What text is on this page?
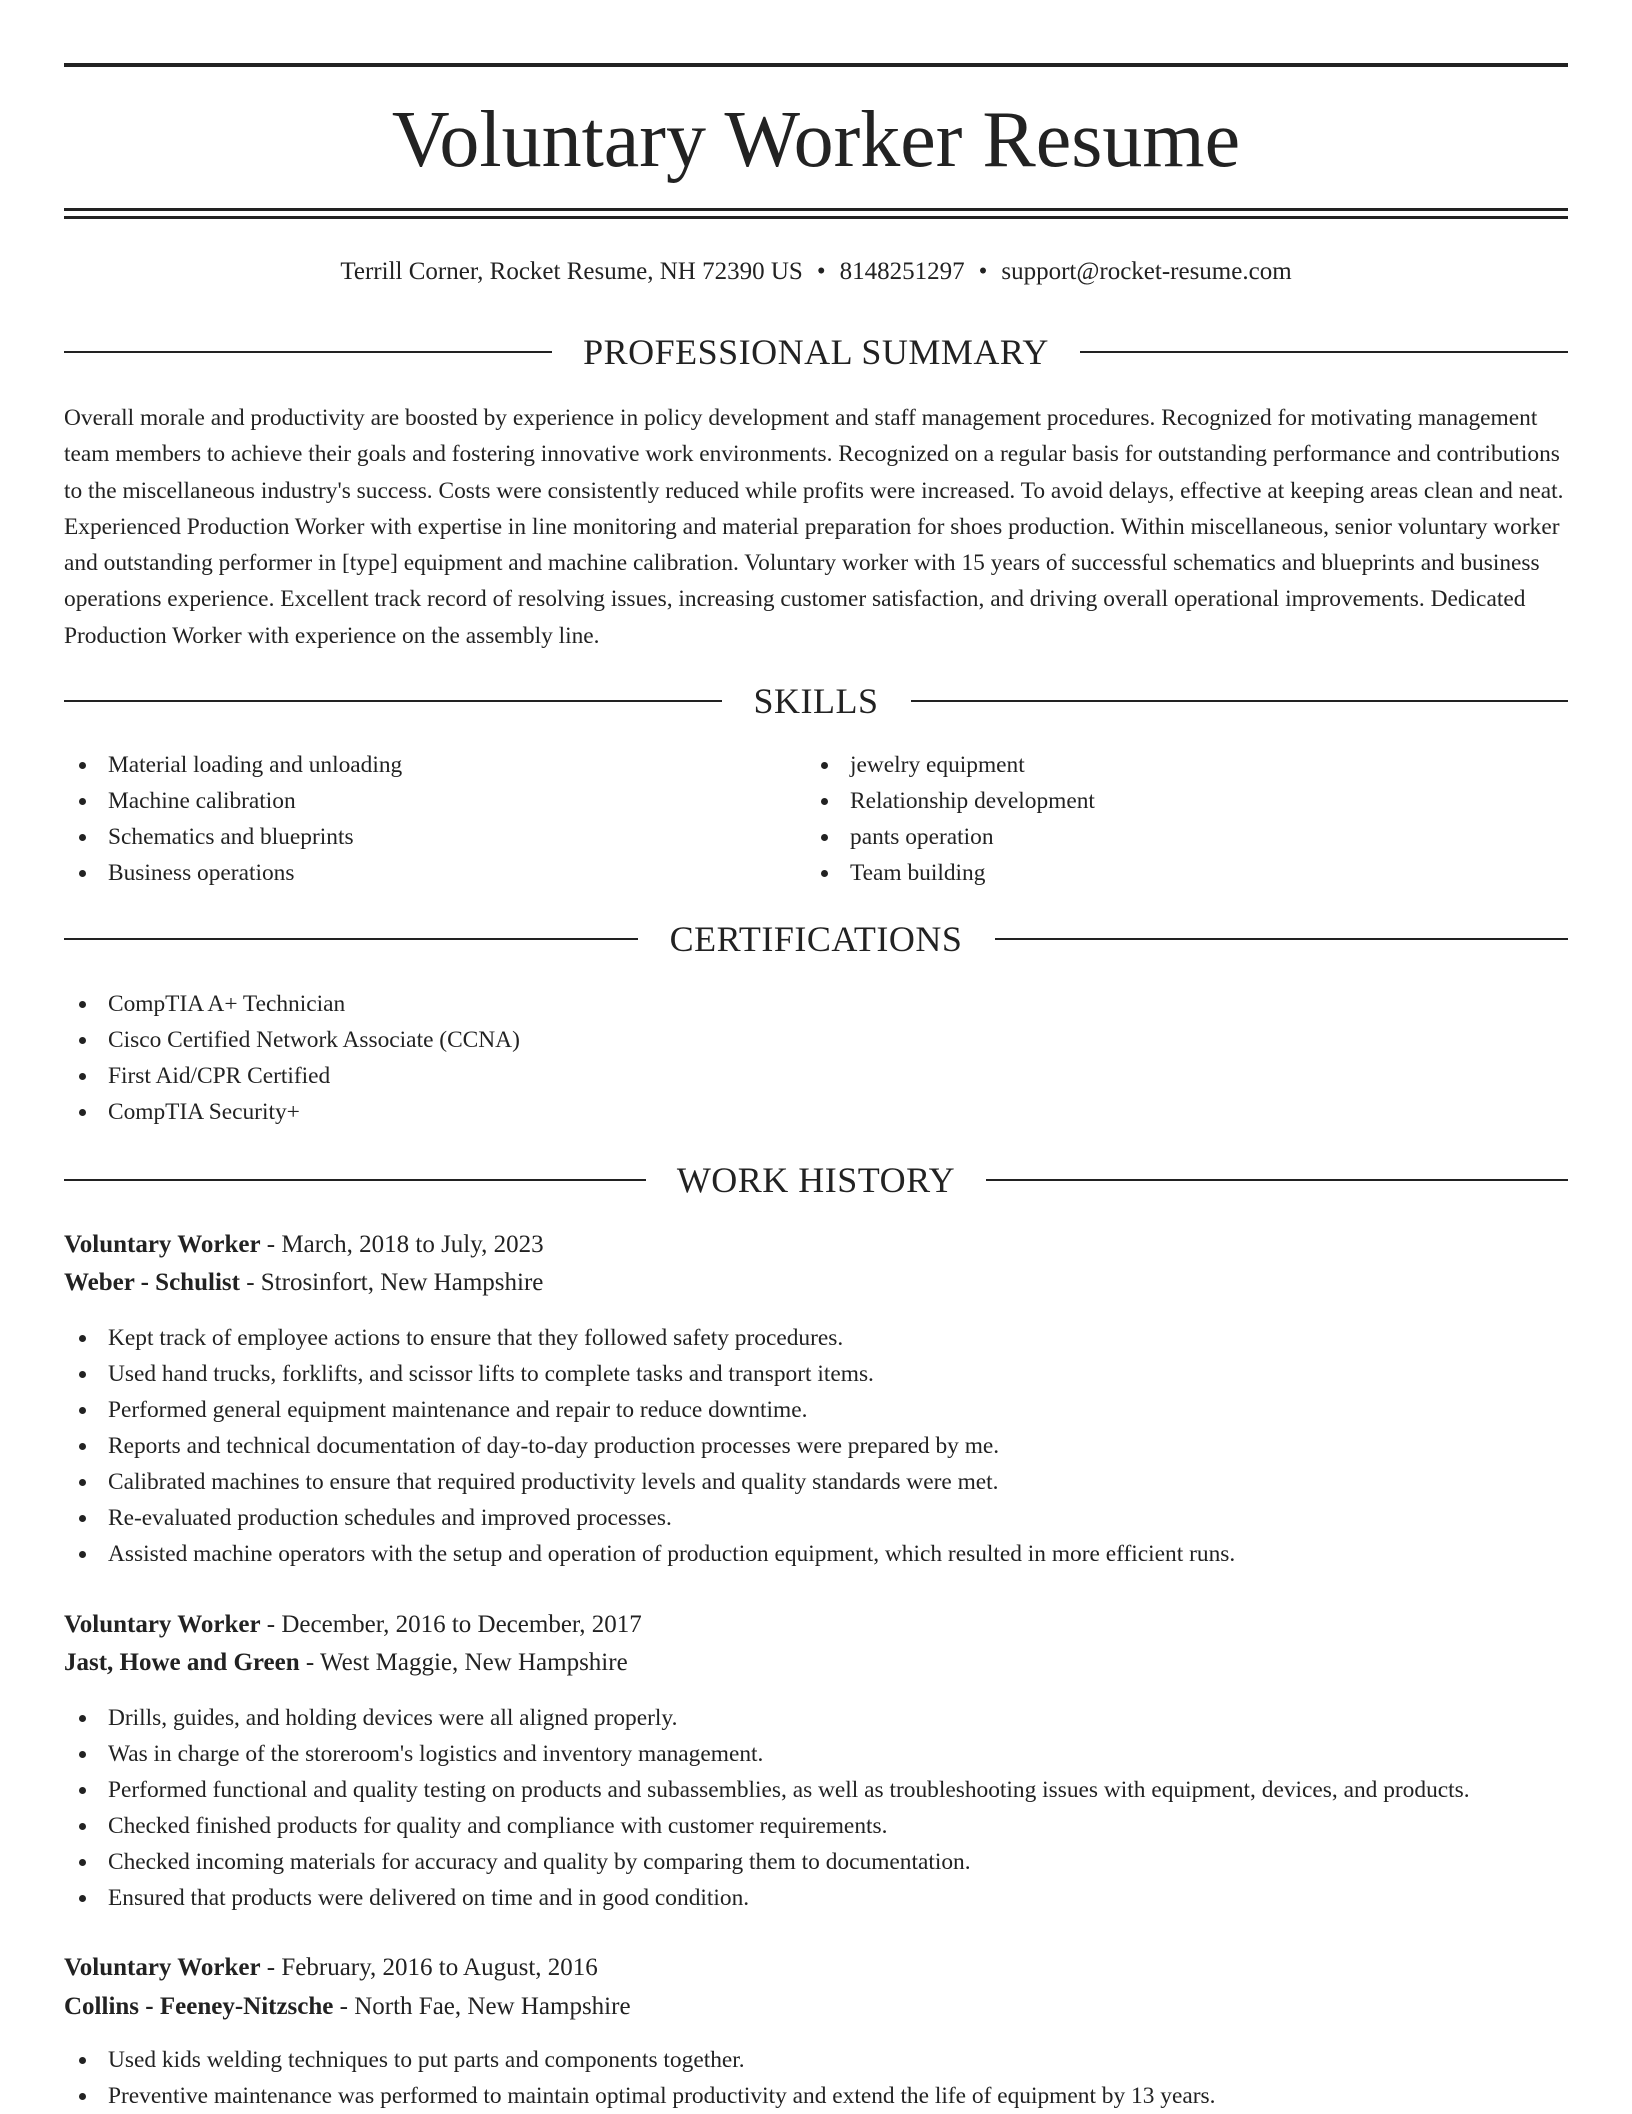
Voluntary Worker Resume
Terrill Corner, Rocket Resume, NH 72390 US • 8148251297 • support@rocket-resume.com
PROFESSIONAL SUMMARY

Overall morale and productivity are boosted by experience in policy development and staff management procedures. Recognized for motivating management team members to achieve their goals and fostering innovative work environments. Recognized on a regular basis for outstanding performance and contributions to the miscellaneous industry's success. Costs were consistently reduced while profits were increased. To avoid delays, effective at keeping areas clean and neat. Experienced Production Worker with expertise in line monitoring and material preparation for shoes production. Within miscellaneous, senior voluntary worker and outstanding performer in [type] equipment and machine calibration. Voluntary worker with 15 years of successful schematics and blueprints and business operations experience. Excellent track record of resolving issues, increasing customer satisfaction, and driving overall operational improvements. Dedicated Production Worker with experience on the assembly line.

SKILLS
Material loading and unloading
Machine calibration
Schematics and blueprints
Business operations
jewelry equipment
Relationship development
pants operation
Team building
CERTIFICATIONS
CompTIA A+ Technician
Cisco Certified Network Associate (CCNA)
First Aid/CPR Certified
CompTIA Security+
WORK HISTORY
Voluntary Worker - March, 2018 to July, 2023
Weber - Schulist - Strosinfort, New Hampshire
Kept track of employee actions to ensure that they followed safety procedures.
Used hand trucks, forklifts, and scissor lifts to complete tasks and transport items.
Performed general equipment maintenance and repair to reduce downtime.
Reports and technical documentation of day-to-day production processes were prepared by me.
Calibrated machines to ensure that required productivity levels and quality standards were met.
Re-evaluated production schedules and improved processes.
Assisted machine operators with the setup and operation of production equipment, which resulted in more efficient runs.
Voluntary Worker - December, 2016 to December, 2017
Jast, Howe and Green - West Maggie, New Hampshire
Drills, guides, and holding devices were all aligned properly.
Was in charge of the storeroom's logistics and inventory management.
Performed functional and quality testing on products and subassemblies, as well as troubleshooting issues with equipment, devices, and products.
Checked finished products for quality and compliance with customer requirements.
Checked incoming materials for accuracy and quality by comparing them to documentation.
Ensured that products were delivered on time and in good condition.
Voluntary Worker - February, 2016 to August, 2016
Collins - Feeney-Nitzsche - North Fae, New Hampshire
Used kids welding techniques to put parts and components together.
Preventive maintenance was performed to maintain optimal productivity and extend the life of equipment by 13 years.
